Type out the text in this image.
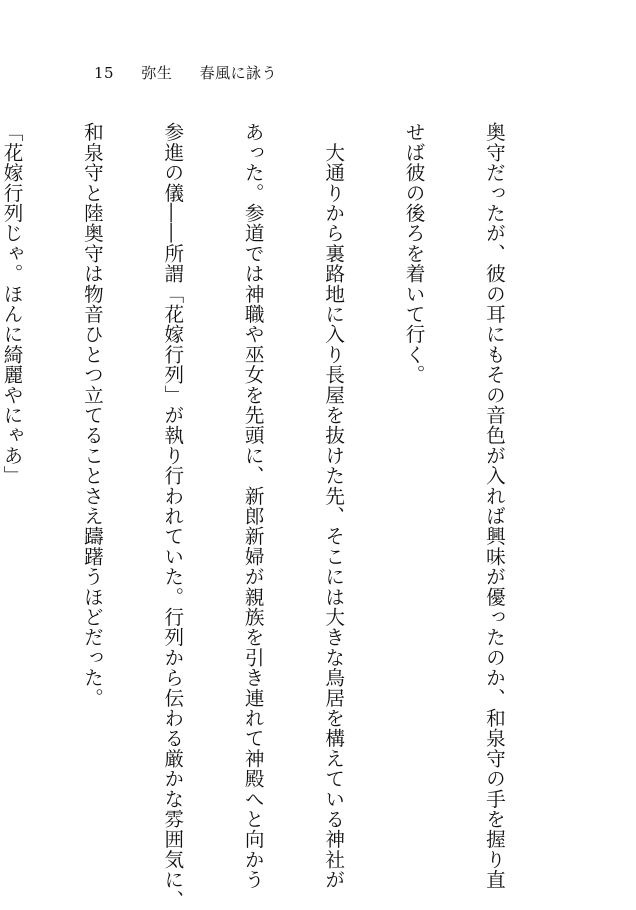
15 弥生 春風に詠う

奥守だったが、彼の耳にもその音色が入れば興味が優ったのか、和泉守の手を握り直

せば彼の後ろを着いて行く。

　大通りから裏路地に入り長屋を抜けた先、そこには大きな鳥居を構えている神社が

あった。参道では神職や巫女を先頭に、新郎新婦が親族を引き連れて神殿へと向かう

参進の儀――所謂「花嫁行列」が執り行われていた。行列から伝わる厳かな雰囲気に、

和泉守と陸奥守は物音ひとつ立てることさえ躊躇うほどだった。

「花嫁行列じゃ。ほんに綺麗やにゃあ」
